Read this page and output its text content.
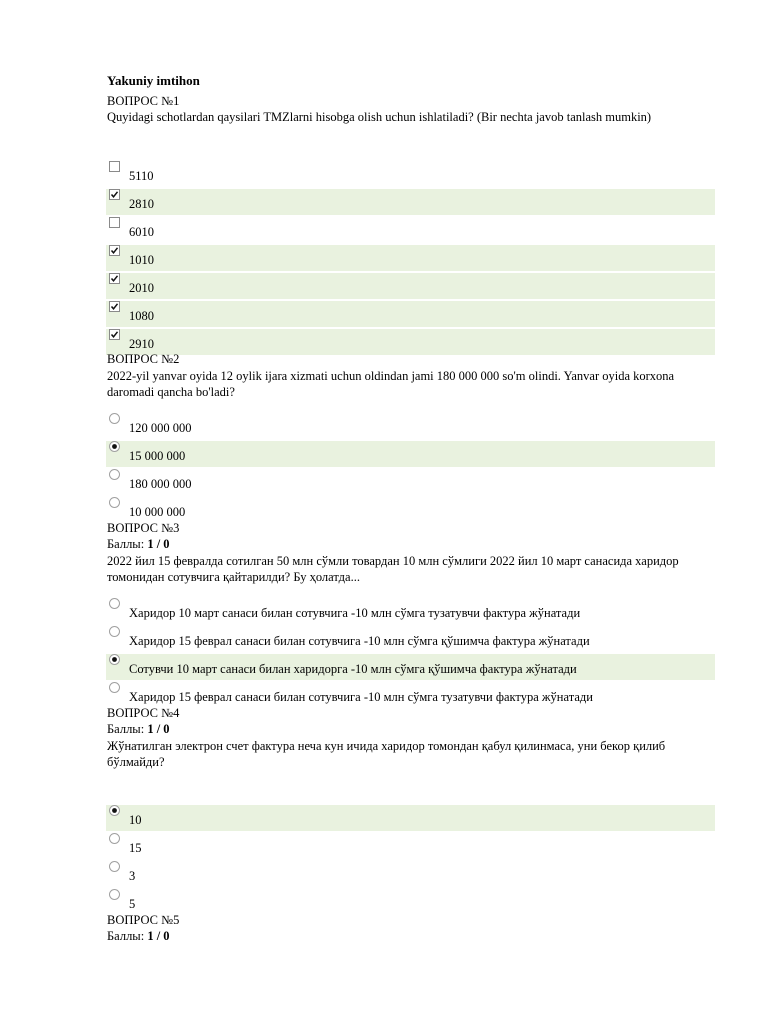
Yakuniy imtihon
ВОПРОС №1
Quyidagi schotlardan qaysilari TMZlarni hisobga olish uchun ishlatiladi? (Bir nechta javob tanlash mumkin)
5110
2810
6010
1010
2010
1080
2910
ВОПРОС №2
2022-yil yanvar oyida 12 oylik ijara xizmati uchun oldindan jami 180 000 000 so'm olindi. Yanvar oyida korxona daromadi qancha bo'ladi?
120 000 000
15 000 000
180 000 000
10 000 000
ВОПРОС №3
Баллы: 1 / 0
2022 йил 15 февралда сотилган 50 млн сўмли товардан 10 млн сўмлиги 2022 йил 10 март санасида харидор томонидан сотувчига қайтарилди? Бу ҳолатда...
Харидор 10 март санаси билан сотувчига -10 млн сўмга тузатувчи фактура жўнатади
Харидор 15 феврал санаси билан сотувчига -10 млн сўмга қўшимча фактура жўнатади
Сотувчи 10 март санаси билан харидорга -10 млн сўмга қўшимча фактура жўнатади
Харидор 15 феврал санаси билан сотувчига -10 млн сўмга тузатувчи фактура жўнатади
ВОПРОС №4
Баллы: 1 / 0
Жўнатилган электрон счет фактура неча кун ичида харидор томондан қабул қилинмаса, уни бекор қилиб бўлмайди?
10
15
3
5
ВОПРОС №5
Баллы: 1 / 0
